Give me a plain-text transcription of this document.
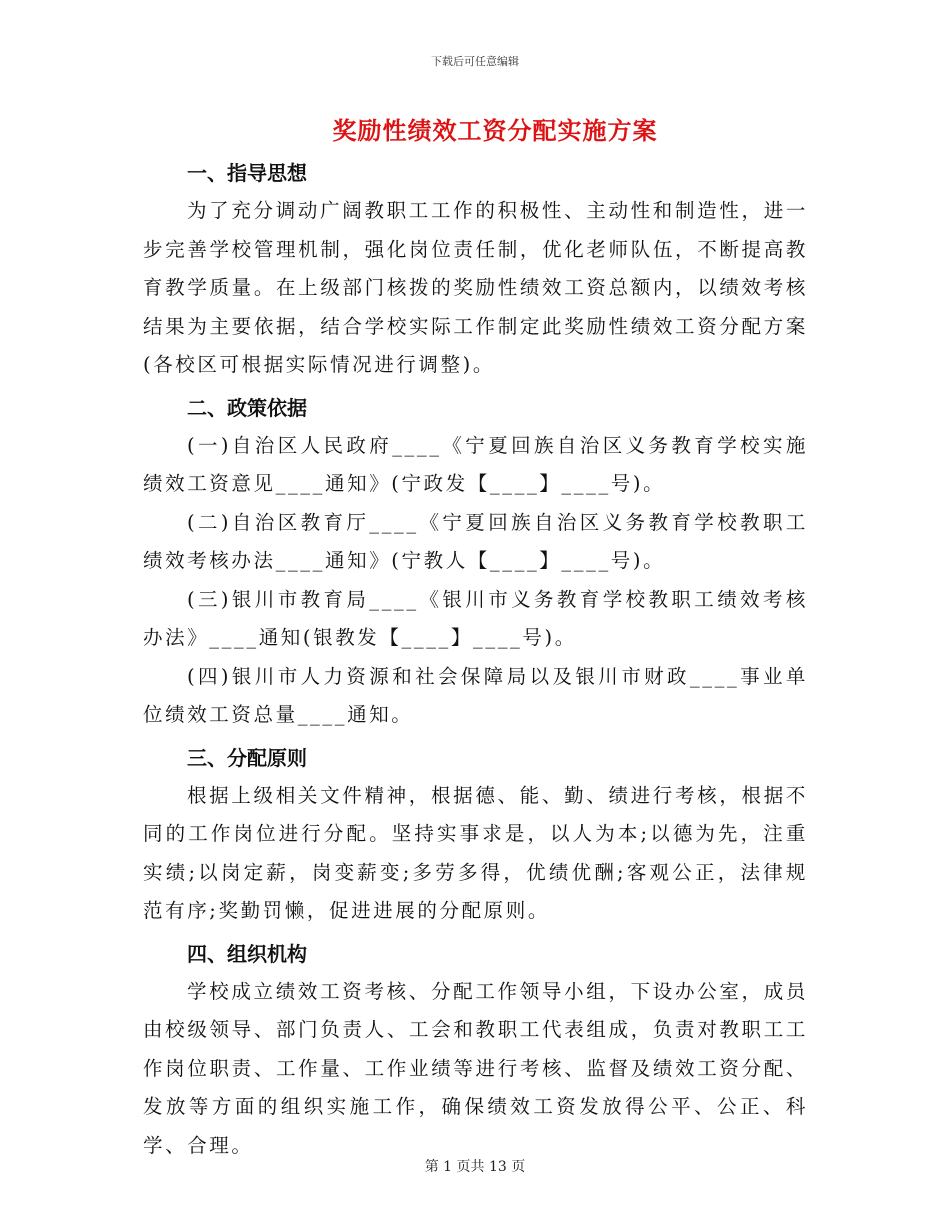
下载后可任意编辑
奖励性绩效工资分配实施方案
一、指导思想

为了充分调动广阔教职工工作的积极性、主动性和制造性，进一步完善学校管理机制，强化岗位责任制，优化老师队伍，不断提高教育教学质量。在上级部门核拨的奖励性绩效工资总额内，以绩效考核结果为主要依据，结合学校实际工作制定此奖励性绩效工资分配方案(各校区可根据实际情况进行调整)。

二、政策依据

(一)自治区人民政府____《宁夏回族自治区义务教育学校实施绩效工资意见____通知》(宁政发【____】____号)。

(二)自治区教育厅____《宁夏回族自治区义务教育学校教职工绩效考核办法____通知》(宁教人【____】____号)。

(三)银川市教育局____《银川市义务教育学校教职工绩效考核办法》____通知(银教发【____】____号)。

(四)银川市人力资源和社会保障局以及银川市财政____事业单位绩效工资总量____通知。

三、分配原则

根据上级相关文件精神，根据德、能、勤、绩进行考核，根据不同的工作岗位进行分配。坚持实事求是，以人为本;以德为先，注重实绩;以岗定薪，岗变薪变;多劳多得，优绩优酬;客观公正，法律规范有序;奖勤罚懒，促进进展的分配原则。

四、组织机构

学校成立绩效工资考核、分配工作领导小组，下设办公室，成员由校级领导、部门负责人、工会和教职工代表组成，负责对教职工工作岗位职责、工作量、工作业绩等进行考核、监督及绩效工资分配、发放等方面的组织实施工作，确保绩效工资发放得公平、公正、科学、合理。

第 1 页共 13 页
